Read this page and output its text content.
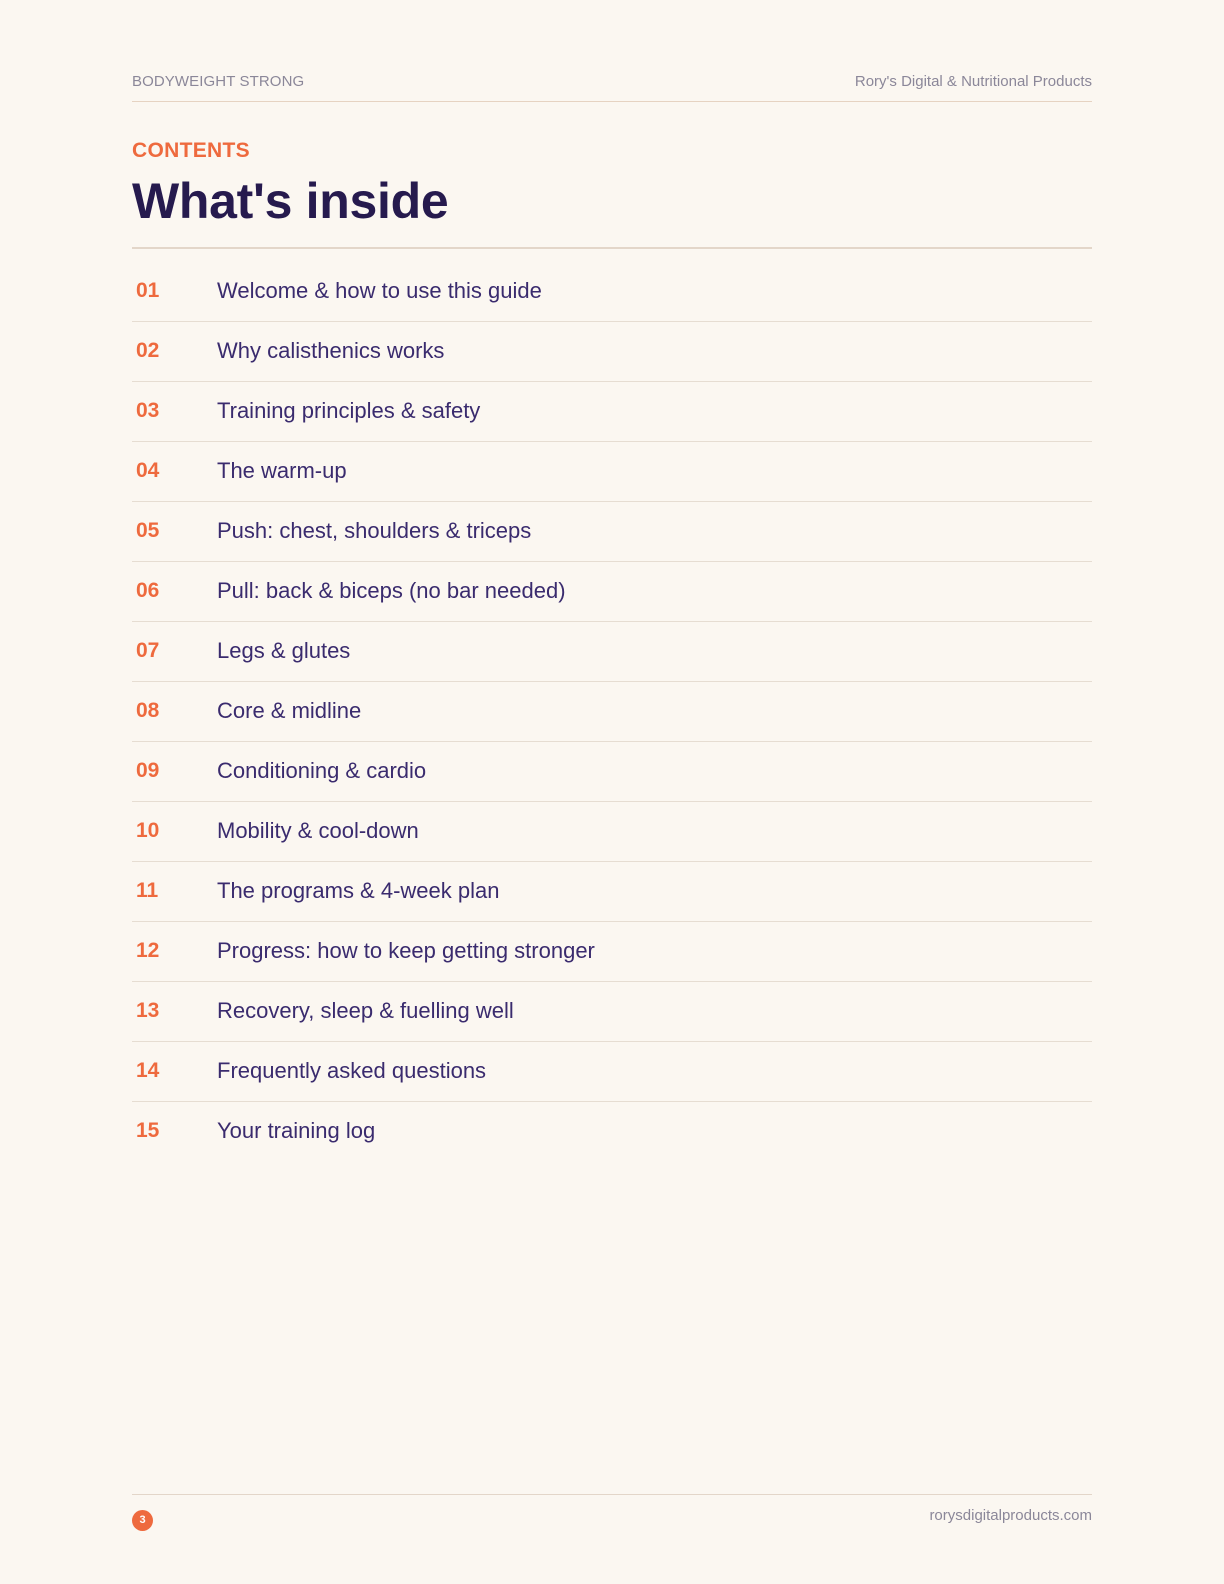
BODYWEIGHT STRONG	Rory's Digital & Nutritional Products
CONTENTS
What's inside
01	Welcome & how to use this guide
02	Why calisthenics works
03	Training principles & safety
04	The warm-up
05	Push: chest, shoulders & triceps
06	Pull: back & biceps (no bar needed)
07	Legs & glutes
08	Core & midline
09	Conditioning & cardio
10	Mobility & cool-down
11	The programs & 4-week plan
12	Progress: how to keep getting stronger
13	Recovery, sleep & fuelling well
14	Frequently asked questions
15	Your training log
3	rorysdigitalproducts.com
